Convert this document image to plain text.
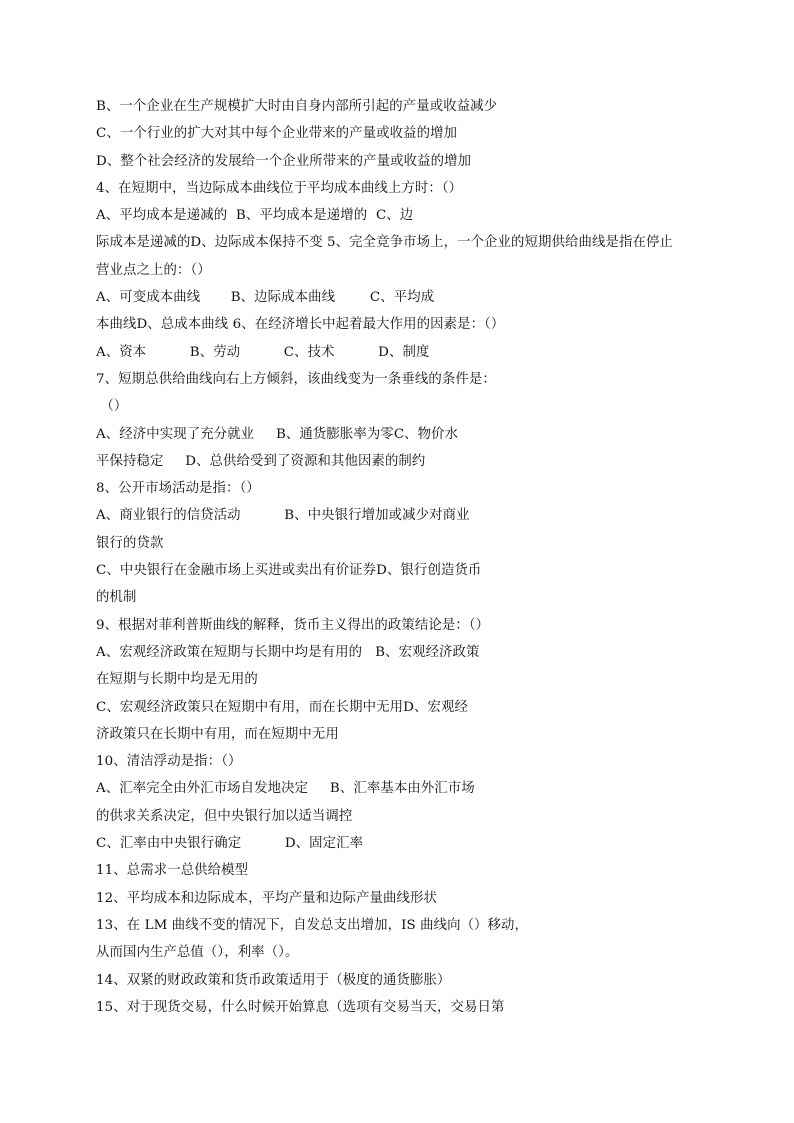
B、一个企业在生产规模扩大时由自身内部所引起的产量或收益减少
C、一个行业的扩大对其中每个企业带来的产量或收益的增加
D、整个社会经济的发展给一个企业所带来的产量或收益的增加
4、在短期中，当边际成本曲线位于平均成本曲线上方时：（）
A、平均成本是递减的  B、平均成本是递增的  C、边
际成本是递减的D、边际成本保持不变 5、完全竞争市场上，一个企业的短期供给曲线是指在停止
营业点之上的：（）
A、可变成本曲线       B、边际成本曲线        C、平均成
本曲线D、总成本曲线 6、在经济增长中起着最大作用的因素是：（）
A、资本          B、劳动          C、技术          D、制度
7、短期总供给曲线向右上方倾斜，该曲线变为一条垂线的条件是：
（）
A、经济中实现了充分就业     B、通货膨胀率为零C、物价水
平保持稳定     D、总供给受到了资源和其他因素的制约
8、公开市场活动是指：（）
A、商业银行的信贷活动          B、中央银行增加或减少对商业
银行的贷款
C、中央银行在金融市场上买进或卖出有价证券D、银行创造货币
的机制
9、根据对菲利普斯曲线的解释，货币主义得出的政策结论是：（）
A、宏观经济政策在短期与长期中均是有用的   B、宏观经济政策
在短期与长期中均是无用的
C、宏观经济政策只在短期中有用，而在长期中无用D、宏观经
济政策只在长期中有用，而在短期中无用
10、清洁浮动是指：（）
A、汇率完全由外汇市场自发地决定     B、汇率基本由外汇市场
的供求关系决定，但中央银行加以适当调控
C、汇率由中央银行确定          D、固定汇率
11、总需求一总供给模型
12、平均成本和边际成本，平均产量和边际产量曲线形状
13、在 LM 曲线不变的情况下，自发总支出增加，IS 曲线向（）移动，
从而国内生产总值（），利率（）。
14、双紧的财政政策和货币政策适用于（极度的通货膨胀）
15、对于现货交易，什么时候开始算息（选项有交易当天，交易日第
